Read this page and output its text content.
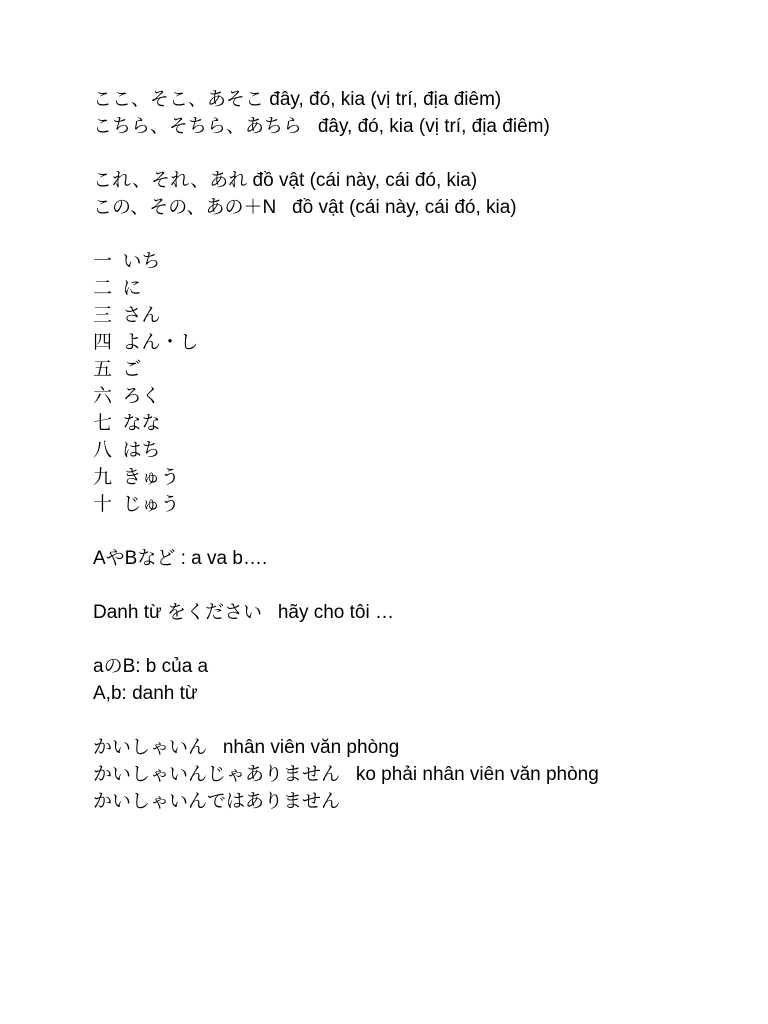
ここ、そこ、あそこ đây, đó, kia (vị trí, địa điêm)
こちら、そちら、あちら   đây, đó, kia (vị trí, địa điêm)
これ、それ、あれ đồ vật (cái này, cái đó, kia)
この、その、あの＋N   đồ vật (cái này, cái đó, kia)
一  いち
二  に
三  さん
四  よん・し
五  ご
六  ろく
七  なな
八  はち
九  きゅう
十  じゅう
AやBなど : a va b….
Danh từ をください   hãy cho tôi …
aのB: b của a
A,b: danh từ
かいしゃいん   nhân viên văn phòng
かいしゃいんじゃありません   ko phải nhân viên văn phòng
かいしゃいんではありません
